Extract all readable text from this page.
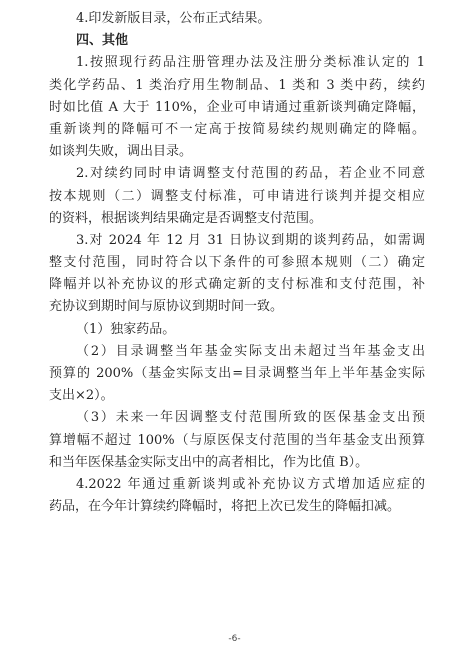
4.印发新版目录，公布正式结果。
四、其他
1.按照现行药品注册管理办法及注册分类标准认定的 1
类化学药品、1 类治疗用生物制品、1 类和 3 类中药，续约
时如比值 A 大于 110%，企业可申请通过重新谈判确定降幅，
重新谈判的降幅可不一定高于按简易续约规则确定的降幅。
如谈判失败，调出目录。
2.对续约同时申请调整支付范围的药品，若企业不同意
按本规则（二）调整支付标准，可申请进行谈判并提交相应
的资料，根据谈判结果确定是否调整支付范围。
3.对 2024 年 12 月 31 日协议到期的谈判药品，如需调
整支付范围，同时符合以下条件的可参照本规则（二）确定
降幅并以补充协议的形式确定新的支付标准和支付范围，补
充协议到期时间与原协议到期时间一致。
（1）独家药品。
（2）目录调整当年基金实际支出未超过当年基金支出
预算的 200%（基金实际支出=目录调整当年上半年基金实际
支出×2）。
（3）未来一年因调整支付范围所致的医保基金支出预
算增幅不超过 100%（与原医保支付范围的当年基金支出预算
和当年医保基金实际支出中的高者相比，作为比值 B）。
4.2022 年通过重新谈判或补充协议方式增加适应症的
药品，在今年计算续约降幅时，将把上次已发生的降幅扣减。
-6-
